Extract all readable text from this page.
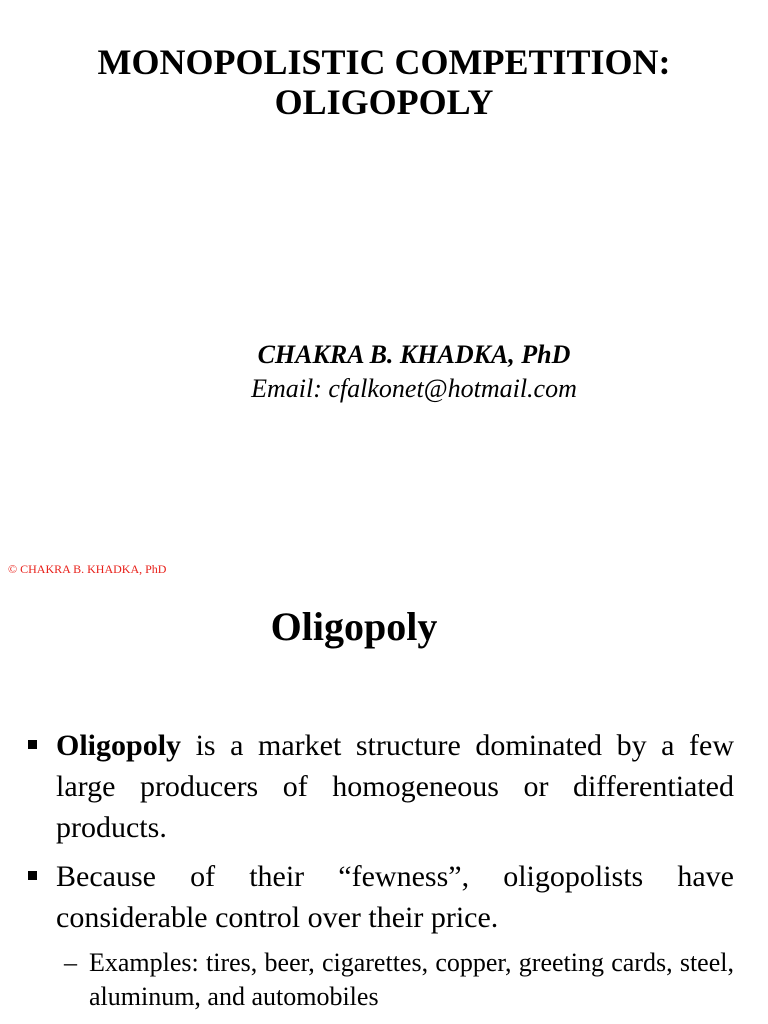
MONOPOLISTIC COMPETITION:
OLIGOPOLY
CHAKRA B. KHADKA, PhD
Email: cfalkonet@hotmail.com
© CHAKRA B. KHADKA, PhD
Oligopoly
Oligopoly is a market structure dominated by a few large producers of homogeneous or differentiated products.
Because of their “fewness”, oligopolists have considerable control over their price.
– Examples: tires, beer, cigarettes, copper, greeting cards, steel, aluminum, and automobiles
